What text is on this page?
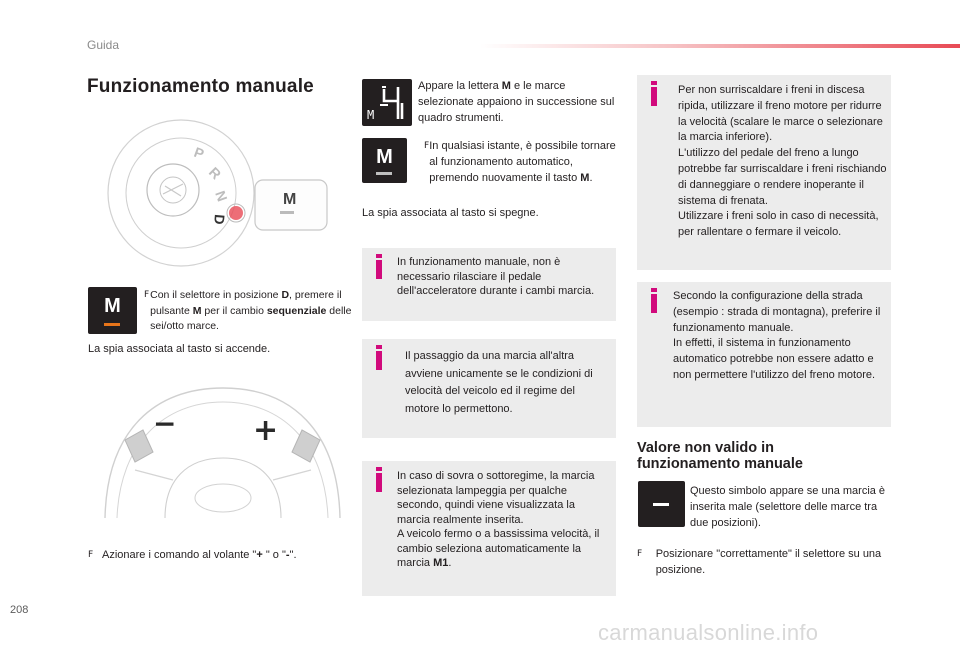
Guida
Funzionamento manuale
P
R
N
D
M
M	F Con il selettore in posizione D, premere il pulsante M per il cambio sequenziale delle sei/otto marce.
La spia associata al tasto si accende.
−	+
F Azionare i comando al volante "+ " o "-".
M
Appare la lettera M e le marce selezionate appaiono in successione sul quadro strumenti.
M	F In qualsiasi istante, è possibile tornare al funzionamento automatico, premendo nuovamente il tasto M.
La spia associata al tasto si spegne.
In funzionamento manuale, non è necessario rilasciare il pedale dell'acceleratore durante i cambi marcia.
Il passaggio da una marcia all'altra avviene unicamente se le condizioni di velocità del veicolo ed il regime del motore lo permettono.
In caso di sovra o sottoregime, la marcia selezionata lampeggia per qualche secondo, quindi viene visualizzata la marcia realmente inserita.
A veicolo fermo o a bassissima velocità, il cambio seleziona automaticamente la marcia M1.
Per non surriscaldare i freni in discesa ripida, utilizzare il freno motore per ridurre la velocità (scalare le marce o selezionare la marcia inferiore).
L'utilizzo del pedale del freno a lungo potrebbe far surriscaldare i freni rischiando di danneggiare o rendere inoperante il sistema di frenata.
Utilizzare i freni solo in caso di necessità, per rallentare o fermare il veicolo.
Secondo la configurazione della strada (esempio : strada di montagna), preferire il funzionamento manuale.
In effetti, il sistema in funzionamento automatico potrebbe non essere adatto e non permettere l'utilizzo del freno motore.
Valore non valido in funzionamento manuale
Questo simbolo appare se una marcia è inserita male (selettore delle marce tra due posizioni).
F	Posizionare "correttamente" il selettore su una posizione.
208
carmanualsonline.info
